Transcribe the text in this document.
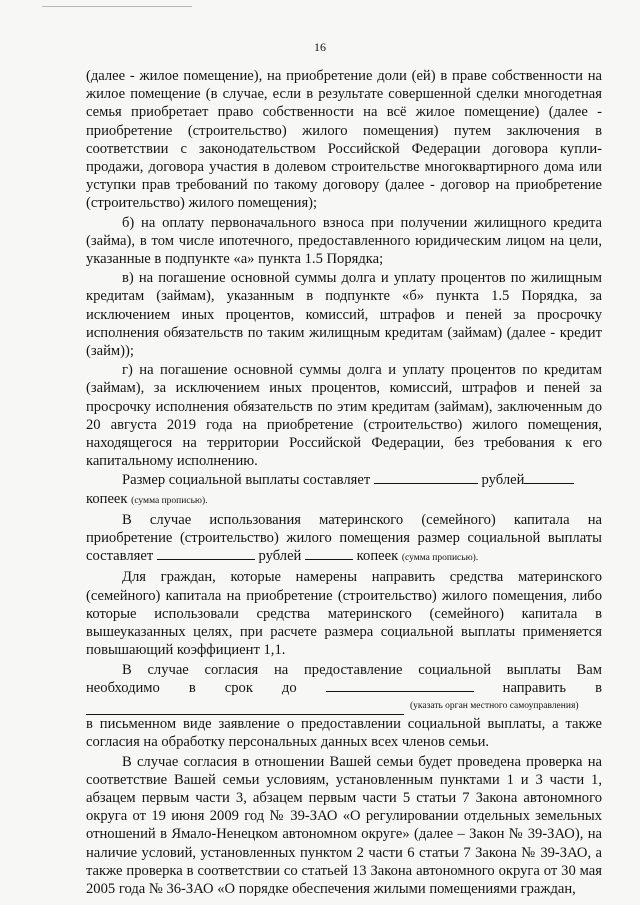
16

(далее - жилое помещение), на приобретение доли (ей) в праве собственности на жилое помещение (в случае, если в результате совершенной сделки многодетная семья приобретает право собственности на всё жилое помещение) (далее - приобретение (строительство) жилого помещения) путем заключения в соответствии с законодательством Российской Федерации договора купли-продажи, договора участия в долевом строительстве многоквартирного дома или уступки прав требований по такому договору (далее - договор на приобретение (строительство) жилого помещения);

б) на оплату первоначального взноса при получении жилищного кредита (займа), в том числе ипотечного, предоставленного юридическим лицом на цели, указанные в подпункте «а» пункта 1.5 Порядка;

в) на погашение основной суммы долга и уплату процентов по жилищным кредитам (займам), указанным в подпункте «б» пункта 1.5 Порядка, за исключением иных процентов, комиссий, штрафов и пеней за просрочку исполнения обязательств по таким жилищным кредитам (займам) (далее - кредит (займ));

г) на погашение основной суммы долга и уплату процентов по кредитам (займам), за исключением иных процентов, комиссий, штрафов и пеней за просрочку исполнения обязательств по этим кредитам (займам), заключенным до 20 августа 2019 года на приобретение (строительство) жилого помещения, находящегося на территории Российской Федерации, без требования к его капитальному исполнению.

Размер социальной выплаты составляет	рублей
копеек (сумма прописью).

В случае использования материнского (семейного) капитала на приобретение (строительство) жилого помещения размер социальной выплаты составляет	рублей	копеек (сумма прописью).

Для граждан, которые намерены направить средства материнского (семейного) капитала на приобретение (строительство) жилого помещения, либо которые использовали средства материнского (семейного) капитала в вышеуказанных целях, при расчете размера социальной выплаты применяется повышающий коэффициент 1,1.

В случае согласия на предоставление социальной выплаты Вам
необходимо в срок до	направить в
(указать орган местного самоуправления)
в письменном виде заявление о предоставлении социальной выплаты, а также согласия на обработку персональных данных всех членов семьи.

В случае согласия в отношении Вашей семьи будет проведена проверка на соответствие Вашей семьи условиям, установленным пунктами 1 и 3 части 1, абзацем первым части 3, абзацем первым части 5 статьи 7 Закона автономного округа от 19 июня 2009 год № 39-ЗАО «О регулировании отдельных земельных отношений в Ямало-Ненецком автономном округе» (далее – Закон № 39-ЗАО), на наличие условий, установленных пунктом 2 части 6 статьи 7 Закона № 39-ЗАО, а также проверка в соответствии со статьей 13 Закона автономного округа от 30 мая 2005 года № 36-ЗАО «О порядке обеспечения жилыми помещениями граждан,
